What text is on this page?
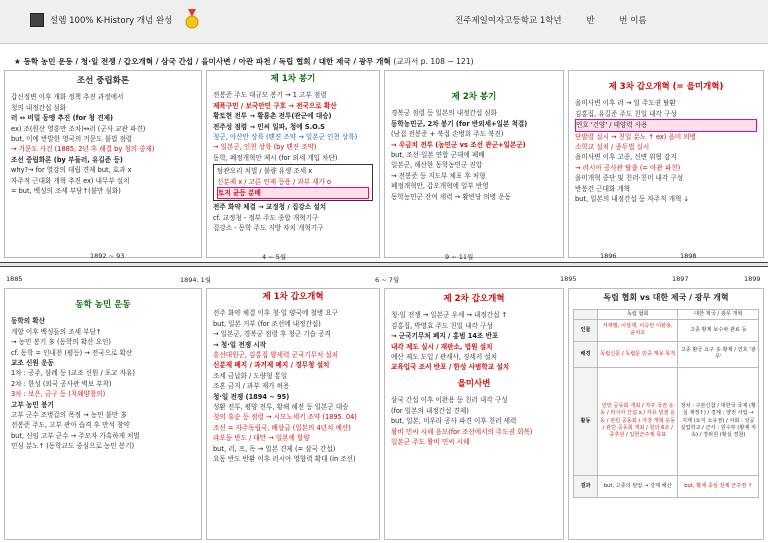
설렘 100% K-History 개념 완성	진주제일여자고등학교 1학년	반	번 이름
★ 동학 농민 운동 / 청·일 전쟁 / 갑오개혁 / 삼국 간섭 / 을미사변 / 아관 파천 / 독립 협회 / 대한 제국 / 광무 개혁 (교과서 p. 108 ~ 121)
조선 중립화론
갑신정변 이후 개화 정책 추진 과정에서
청의 내정간섭 심화
러 ↔ 비밀 동맹 추진 (for 청 견제)
ex) 조(원산 영흥만 조차)↔러 (군사 교관 파견)
but, 이에 반발한 영국의 거문도 불법 점령
→ 거문도 사건 (1885, 2년 후 해결 by 청의 중재)
조선 중립화론 (by 부들러, 유길준 등)
why?→ for 열강의 대립 견제 but, 효과 x
자주적 근대화 개혁 추진 ex) 내무부 설치
= but, 백성의 조세 부담↑(불만 심화)
제 1차 봉기
전봉준 주도 대규모 봉기 → 1 고부 점령
제폭구민 / 보국안민 구호 → 전국으로 확산
황토현 전투 → 황룡촌 전투(관군에 대승)
전주성 점령 → 민씨 일파, 청에 S.O.S
청군, 아산만 상륙 (톈진 조약 → 일본군 인천 상륙)
→ 일본군, 인천 상륙 (by 톈진 조약)
동학, 폐정개혁안 제시 (for 외세 개입 차단)
탐관오리 처벌 / 불량 유생 조세 x
신분제 x / 고른 인재 등용 / 과부 재가 o
토지 균등 분배
전주 화약 체결 → 교정청 / 집강소 설치
cf. 교정청 - 정부 주도 종합 개혁기구
집강소 - 동학 주도 지방 자치 개혁기구
제 2차 봉기
경복궁 점령 등 일본의 내정간섭 심화
동학농민군, 2차 봉기 (for 반외세+일본 척결)
(남접 전봉준 + 북접 손병희 주도 북진)
→ 우금치 전투 (농민군 vs 조선 관군+일본군)
but, 조선·일본 연합 군대에 패배
일본군, 해산한 동학농민군 진압
→ 전봉준 등 지도부 체포 후 처형
폐정개혁안, 갑오개혁에 일부 반영
동학농민군 잔여 세력 → 활빈당 의병 운동
제 3차 갑오개혁 (= 을미개혁)
을미사변 이후 러 → 일 주도권 탈환
김홍집, 유길준 주도 친일 내각 구성
연호 '건양' / 태양력 사용
단발령 실시 → 친일 분노 ↑ ex) 을미 의병
소학교 설치 / 종두법 실시
을미사변 이후 고종, 신변 위협 감지
→ 러시아 공사관 탈출 (= 아관 파천)
을미개혁 중단 및 친러·친미 내각 구성
반봉건 근대화 개혁
but, 일본의 내정간섭 등 자주적 개혁 ↓
1892 ~ 93	4 ~ 5월	9 ~ 11월	1896	1898
1885	1894. 1월	6 ~ 7월	1895	1897	1899
동학 농민 운동
동학의 확산
개항 이후 백성들의 조세 부담↑
→ 농민 봉기 多 (동학의 확산 요인)
cf. 동학 = 인내천 (평등) → 전국으로 확산
교조 신원 운동
1차 : 공주, 삼례 등 (교조 신원 / 포교 자유)
2차 : 한성 (외국 공사관 벽보 부착)
3차 : 보은, 금구 등 (척왜양창의)
고부 농민 봉기
고부 군수 조병갑의 폭정 → 농민 불만 多
전봉준 주도, 고부 관아 습격 후 만석 창약
but, 신임 고부 군수 → 주모자 가혹하게 처벌
민심 분노↑ (동학교도 중심으로 농민 봉기)
제 1차 갑오개혁
전주 화약 체결 이후 청·일 양국에 철병 요구
but, 일본 거부 (for 조선에 내정간섭)
→ 일본군, 경복궁 점령 후 청군 기습 공격
→ 청·일 전쟁 시작
흥선대원군, 김홍집 양세력 군국기무처 설치
신분제 폐지 / 과거제 폐지 / 경무청 설치
조세 금납화 / 도량형 통일
조혼 금지 / 과부 재가 허용
청·일 전쟁 (1894 ~ 95)
성환 전투, 평양 전투, 황해 해전 등 일본군 대승
청의 휴순 등 점령 → 시모노세키 조약 (1895. 04)
조선 = 자주독립국, 배상금 (일본의 4년치 예산)
랴오둥 반도 / 대만 → 일본에 할양
but, 러, 프, 독 → 일본 견제 (= 삼국 간섭)
요동 반도 반환 이후 러시아 영향력 확대 (in 조선)
제 2차 갑오개혁
청·일 전쟁 → 일본군 우세 → 내정간섭 ↑
김홍집, 박영효 주도 친일 내각 구성
→ 군국기무처 폐지 / 홍범 14조 반포
내각 제도 실시 / 재판소, 법원 설치
예산 제도 도입 / 관세사, 징세서 설치
교육입국 조서 반포 / 한성 사범학교 설치
을미사변
삼국 간섭 이후 이완용 등 친러 내각 구성
(for 일본의 내정간섭 견제)
but, 일본, 미우라 공사 파견 이후 친러 세력
왕비 민씨 시해 음모(for 조선에서의 주도권 회복)
일본군 주도 왕비 민씨 시해
독립 협회 vs 대한 제국 / 광무 개혁
	독립 협회	대한 제국 / 광무 개혁
인물	서재필, 이상재, 이승만 이완용, 윤치호	고종 황제 보수파 관료 등
배경	독립신문 / 독립문 민중 계몽 목적	고종 환궁 요구 多 황제 / 연호 '광무'
활동	만민 공동회 개최 / 자주 국권 운동 / 러시아 간섭 x / 자유 민권 운동 / 관민 공동회 / 자강 개혁 운동 / 관민 공동회 개최 / 헌의 6조 / 중추원 / 입헌군주제 목표	정치 : 구본신참 / 대한국 국제 (황실 재정↑) / 경제 : 양전 사업 → 지계 (토지 소유권) / 사회 : 상공 실업학교 / 군사 : 원수부 (황제 직속) / 경위원 (황실 경찰)
결과	but, 고종의 탄압 → 강제 해산	but, 황제 중심 전제 군주권 ↑
